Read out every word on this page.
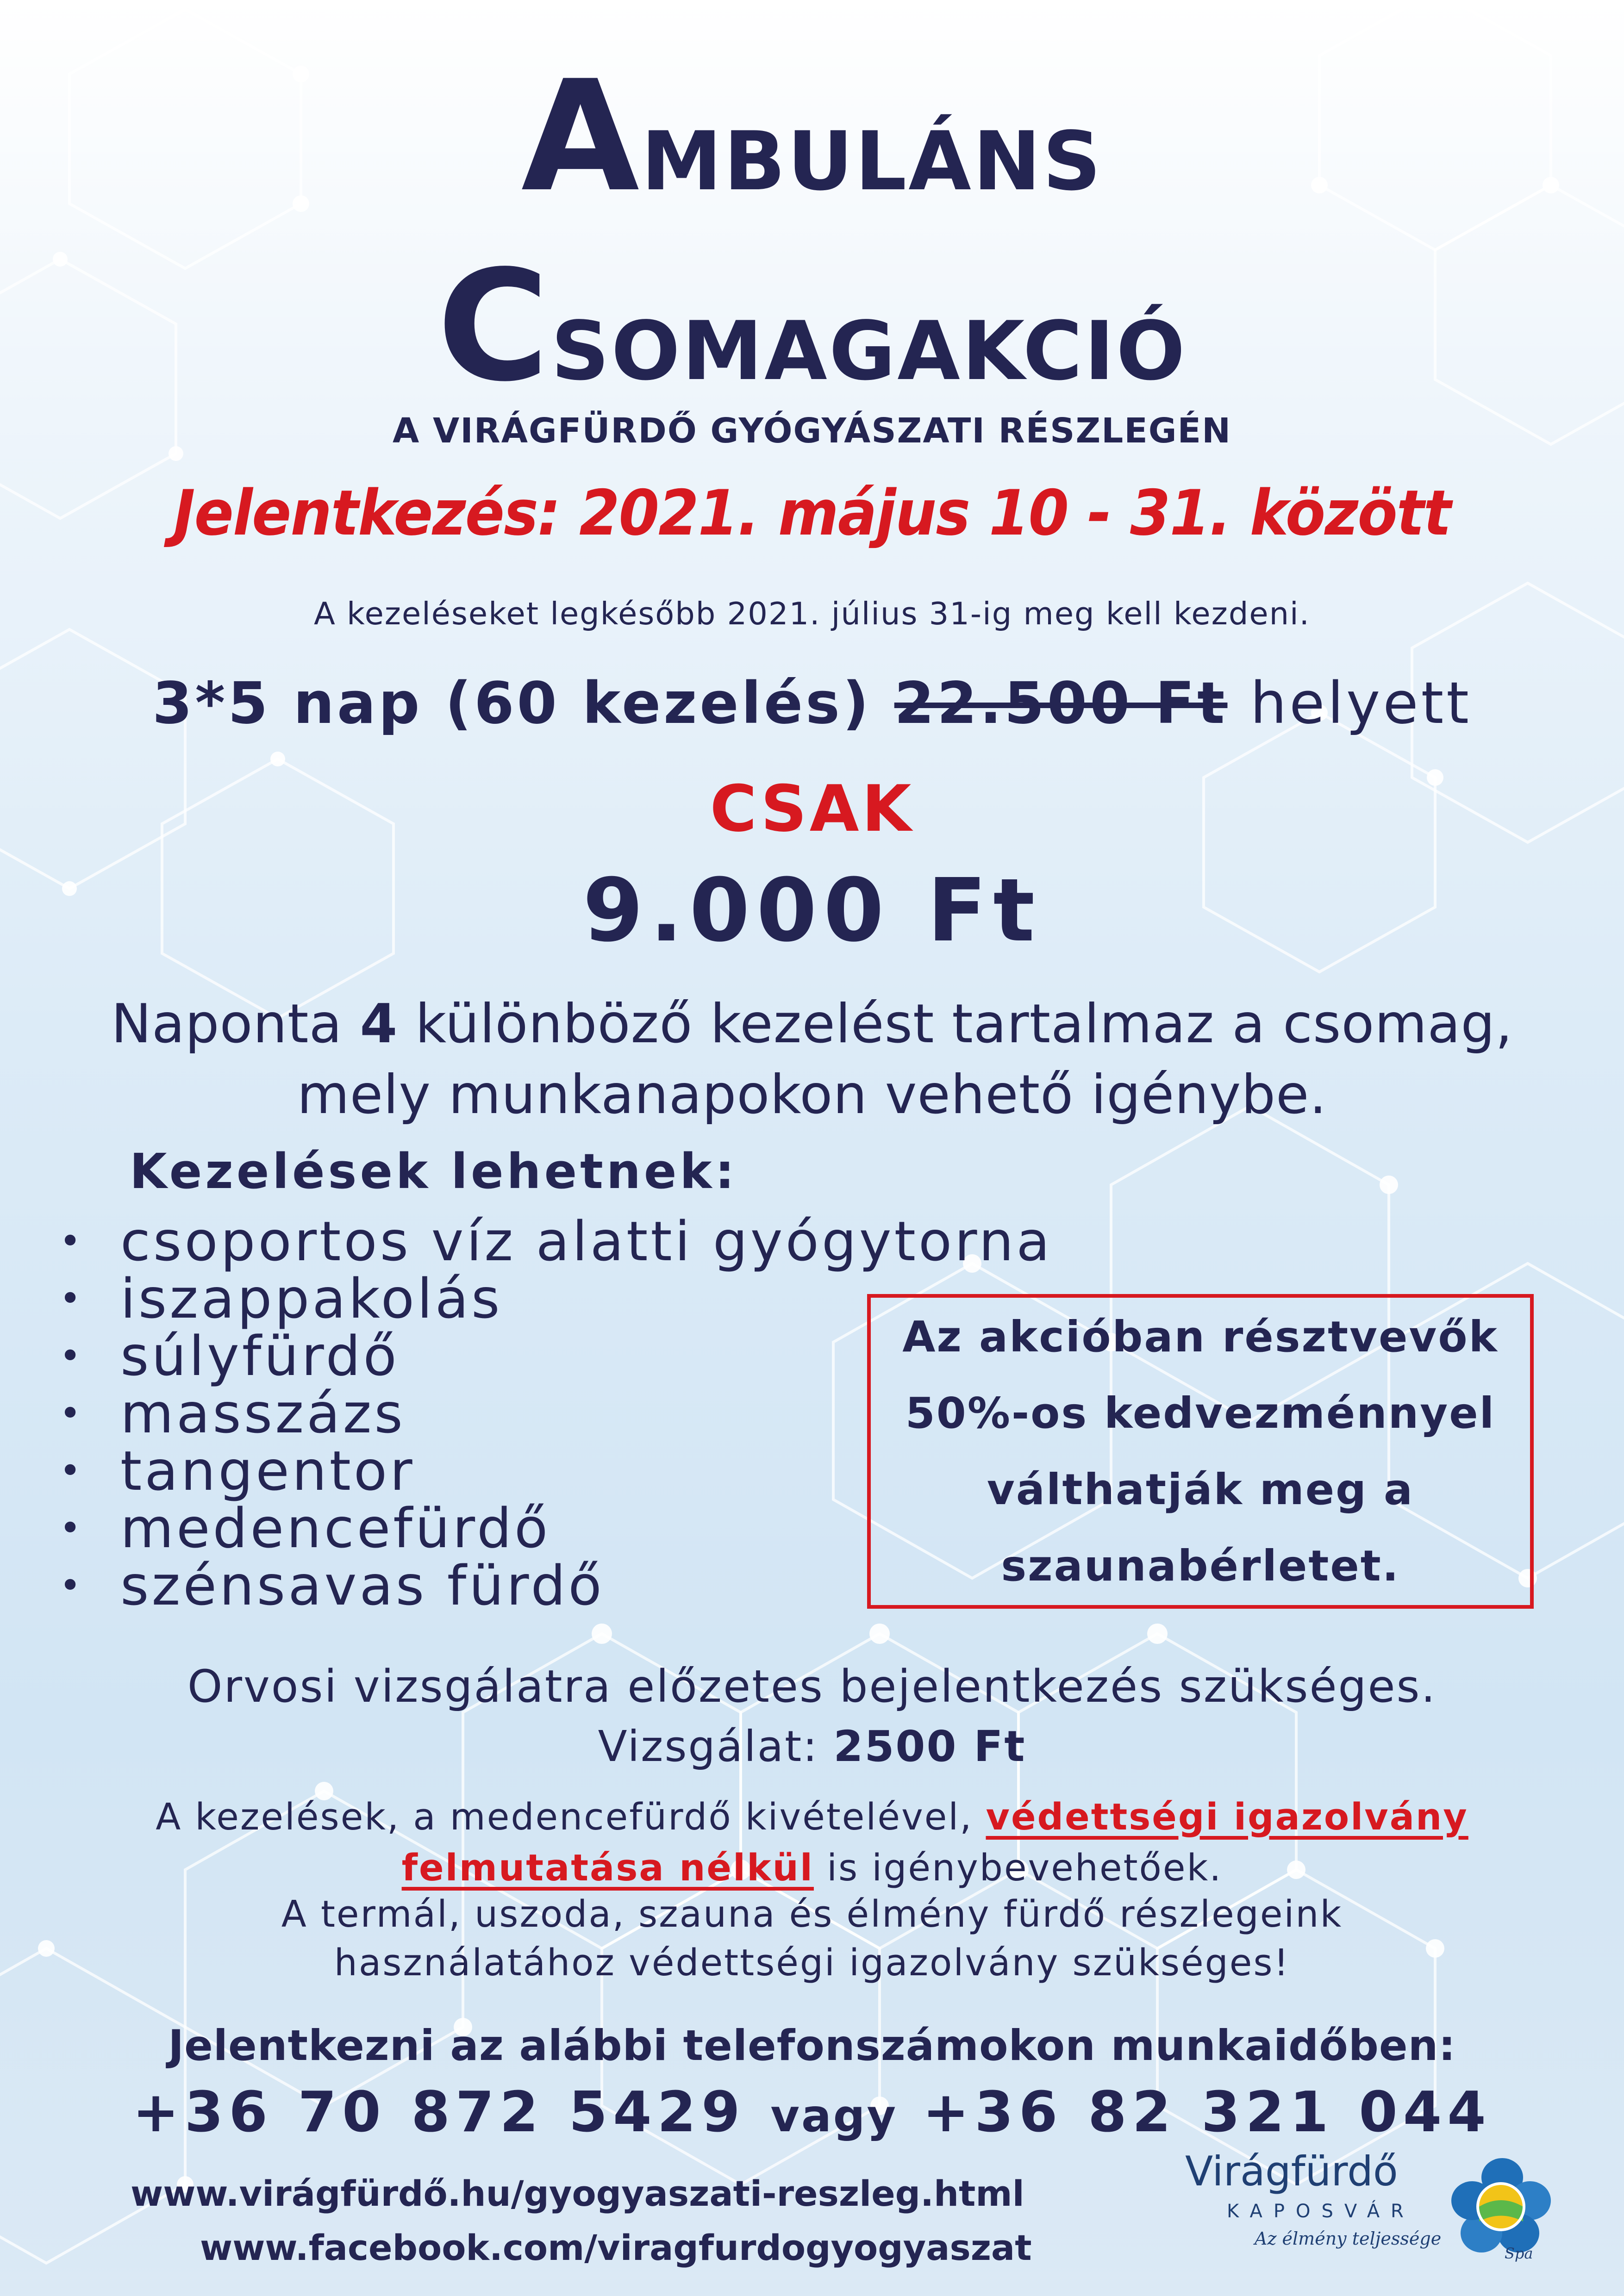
Ambuláns
Csomagakció
A VIRÁGFÜRDŐ GYÓGYÁSZATI RÉSZLEGÉN
Jelentkezés: 2021. május 10 - 31. között
A kezeléseket legkésőbb 2021. július 31-ig meg kell kezdeni.
3*5 nap (60 kezelés) 22.500 Ft helyett
CSAK
9.000 Ft
Naponta 4 különböző kezelést tartalmaz a csomag,
mely munkanapokon vehető igénybe.
Kezelések lehetnek:
• csoportos víz alatti gyógytorna
• iszappakolás
• súlyfürdő
• masszázs
• tangentor
• medencefürdő
• szénsavas fürdő
Az akcióban résztvevők
50%-os kedvezménnyel
válthatják meg a
szaunabérletet.
Orvosi vizsgálatra előzetes bejelentkezés szükséges.
Vizsgálat: 2500 Ft
A kezelések, a medencefürdő kivételével, védettségi igazolvány
felmutatása nélkül is igénybevehetőek.
A termál, uszoda, szauna és élmény fürdő részlegeink
használatához védettségi igazolvány szükséges!
Jelentkezni az alábbi telefonszámokon munkaidőben:
+36 70 872 5429 vagy +36 82 321 044
www.virágfürdő.hu/gyogyaszati-reszleg.html
www.facebook.com/viragfurdogyogyaszat
Virágfürdő
KAPOSVÁR
Az élmény teljessége
Spa
